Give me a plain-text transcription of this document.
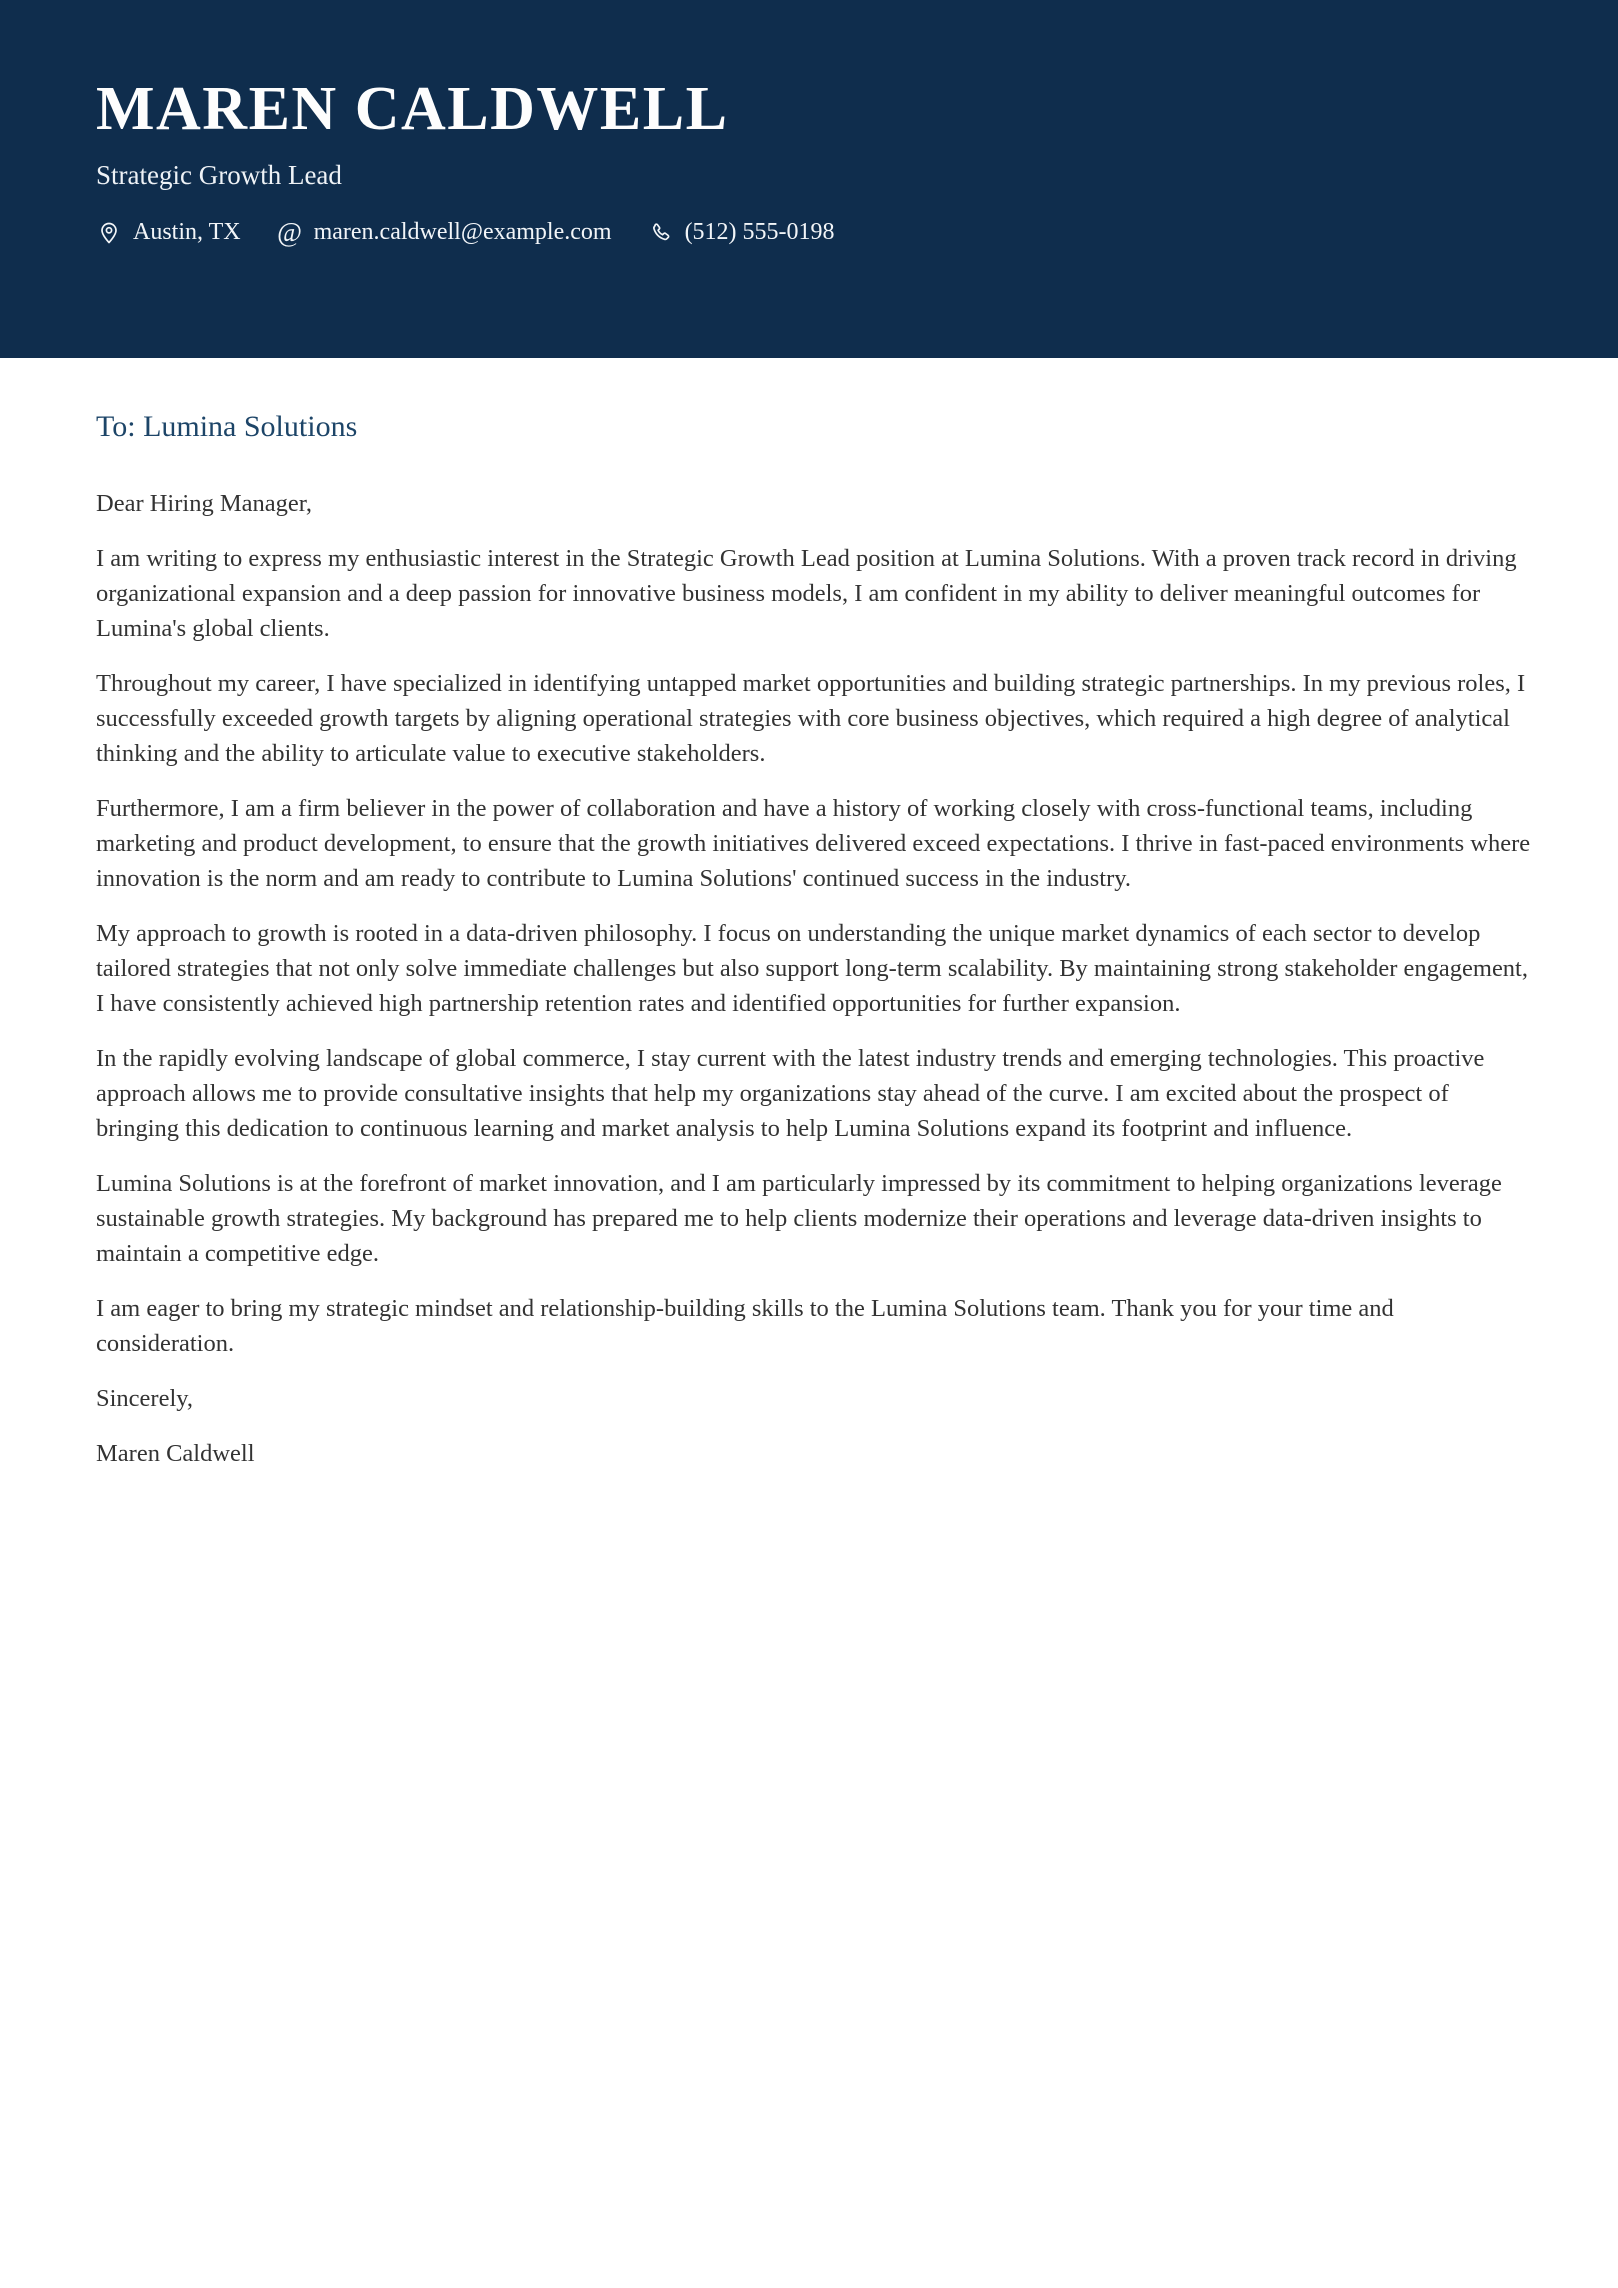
MAREN CALDWELL
Strategic Growth Lead
Austin, TX @ maren.caldwell@example.com	(512) 555-0198
To: Lumina Solutions

Dear Hiring Manager,

I am writing to express my enthusiastic interest in the Strategic Growth Lead position at Lumina Solutions. With a proven track record in driving organizational expansion and a deep passion for innovative business models, I am confident in my ability to deliver meaningful outcomes for Lumina's global clients.

Throughout my career, I have specialized in identifying untapped market opportunities and building strategic partnerships. In my previous roles, I successfully exceeded growth targets by aligning operational strategies with core business objectives, which required a high degree of analytical thinking and the ability to articulate value to executive stakeholders.

Furthermore, I am a firm believer in the power of collaboration and have a history of working closely with cross-functional teams, including marketing and product development, to ensure that the growth initiatives delivered exceed expectations. I thrive in fast-paced environments where innovation is the norm and am ready to contribute to Lumina Solutions' continued success in the industry.

My approach to growth is rooted in a data-driven philosophy. I focus on understanding the unique market dynamics of each sector to develop tailored strategies that not only solve immediate challenges but also support long-term scalability. By maintaining strong stakeholder engagement, I have consistently achieved high partnership retention rates and identified opportunities for further expansion.

In the rapidly evolving landscape of global commerce, I stay current with the latest industry trends and emerging technologies. This proactive approach allows me to provide consultative insights that help my organizations stay ahead of the curve. I am excited about the prospect of bringing this dedication to continuous learning and market analysis to help Lumina Solutions expand its footprint and influence.

Lumina Solutions is at the forefront of market innovation, and I am particularly impressed by its commitment to helping organizations leverage sustainable growth strategies. My background has prepared me to help clients modernize their operations and leverage data-driven insights to maintain a competitive edge.

I am eager to bring my strategic mindset and relationship-building skills to the Lumina Solutions team. Thank you for your time and consideration.

Sincerely,

Maren Caldwell
